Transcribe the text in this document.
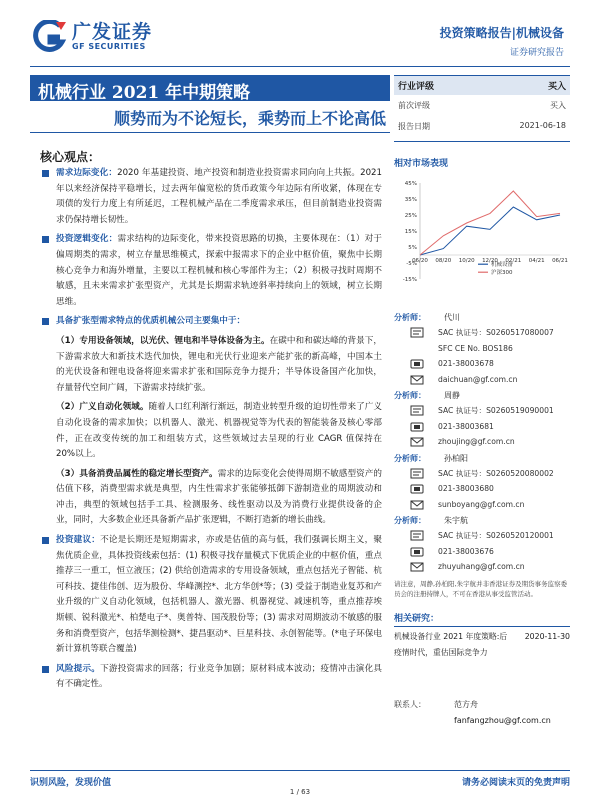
广发证券
GF SECURITIES
投资策略报告|机械设备
证券研究报告
机械行业 2021 年中期策略
顺势而为不论短长，乘势而上不论高低
核心观点：

需求边际变化：2020 年基建投资、地产投资和制造业投资需求同向向上共振。2021 年以来经济保持平稳增长，过去两年偏宽松的货币政策今年边际有所收紧，体现在专项债的发行力度上有所延迟，工程机械产品在二季度需求承压，但目前制造业投资需求仍保持增长韧性。

投资逻辑变化：需求结构的边际变化，带来投资思路的切换，主要体现在：（1）对于偏周期类的需求，树立存量思维模式，探索中报需求下的企业中枢价值，聚焦中长期核心竞争力和海外增量，主要以工程机械和核心零部件为主；（2）积极寻找时周期不敏感，且未来需求扩张型资产，尤其是长期需求轨迹斜率持续向上的领域，树立长期思维。

具备扩张型需求特点的优质机械公司主要集中于：

（1）专用设备领域，以光伏、锂电和半导体设备为主。在碳中和和碳达峰的背景下，下游需求放大和新技术迭代加快，锂电和光伏行业迎来产能扩张的新高峰，中国本土的光伏设备和锂电设备将迎来需求扩张和国际竞争力提升；半导体设备国产化加快，存量替代空间广阔，下游需求持续扩张。

（2）广义自动化领域。随着人口红利渐行渐远，制造业转型升级的迫切性带来了广义自动化设备的需求加快；以机器人、激光、机器视觉等为代表的智能装备及核心零部件，正在改变传统的加工和组装方式，这些领域过去呈现的行业 CAGR 值保持在 20%以上。

（3）具备消费品属性的稳定增长型资产。需求的边际变化会使得周期不敏感型资产的估值下移，消费型需求就是典型，内生性需求扩张能够抵御下游制造业的周期波动和冲击，典型的领域包括手工具、检测服务、线性驱动以及为消费行业提供设备的企业，同时，大多数企业还具备新产品扩张逻辑，不断打造新的增长曲线。

投资建议：不论是长期还是短期需求，亦或是估值的高与低，我们强调长期主义，聚焦优质企业，具体投资线索包括：(1) 积极寻找存量模式下优质企业的中枢价值，重点推荐三一重工，恒立液压；(2) 供给创造需求的专用设备领域，重点包括光子智能、杭可科技、捷佳伟创、迈为股份、华峰测控*、北方华创*等；(3) 受益于制造业复苏和产业升级的广义自动化领域，包括机器人、激光器、机器视觉、减速机等，重点推荐埃斯顿、锐科激光*、柏楚电子*、奥普特、国茂股份等；(3) 需求对周期波动不敏感的服务和消费型资产，包括华测检测*、捷昌驱动*、巨星科技、永创智能等。(*电子环保电新计算机等联合覆盖)

风险提示。下游投资需求的回落；行业竞争加剧；原材料成本波动；疫情冲击演化具有不确定性。

行业评级	买入
前次评级	买入
报告日期	2021-06-18
相对市场表现
45%
35%
25%
15%
5%
-5%
-15%
06/20 08/20 10/20 12/20 02/21 04/21 06/21
机械设备
沪深300
分析师：	代川
SAC 执证号：S0260517080007
SFC CE No. BOS186
021-38003678
daichuan@gf.com.cn
分析师：	周静
SAC 执证号：S0260519090001
021-38003681
zhoujing@gf.com.cn
分析师：	孙柏阳
SAC 执证号：S0260520080002
021-38003680
sunboyang@gf.com.cn
分析师：	朱宇航
SAC 执证号：S0260520120001
021-38003676
zhuyuhang@gf.com.cn
请注意，周静,孙柏阳,朱宇航并非香港证券及期货事务监察委员会的注册持牌人，不可在香港从事受监管活动。
相关研究：
2020-11-30
机械设备行业 2021 年度策略:后疫情时代，重估国际竞争力
联系人：	范方舟
fanfangzhou@gf.com.cn
识别风险，发现价值	请务必阅读末页的免责声明
1 / 63
